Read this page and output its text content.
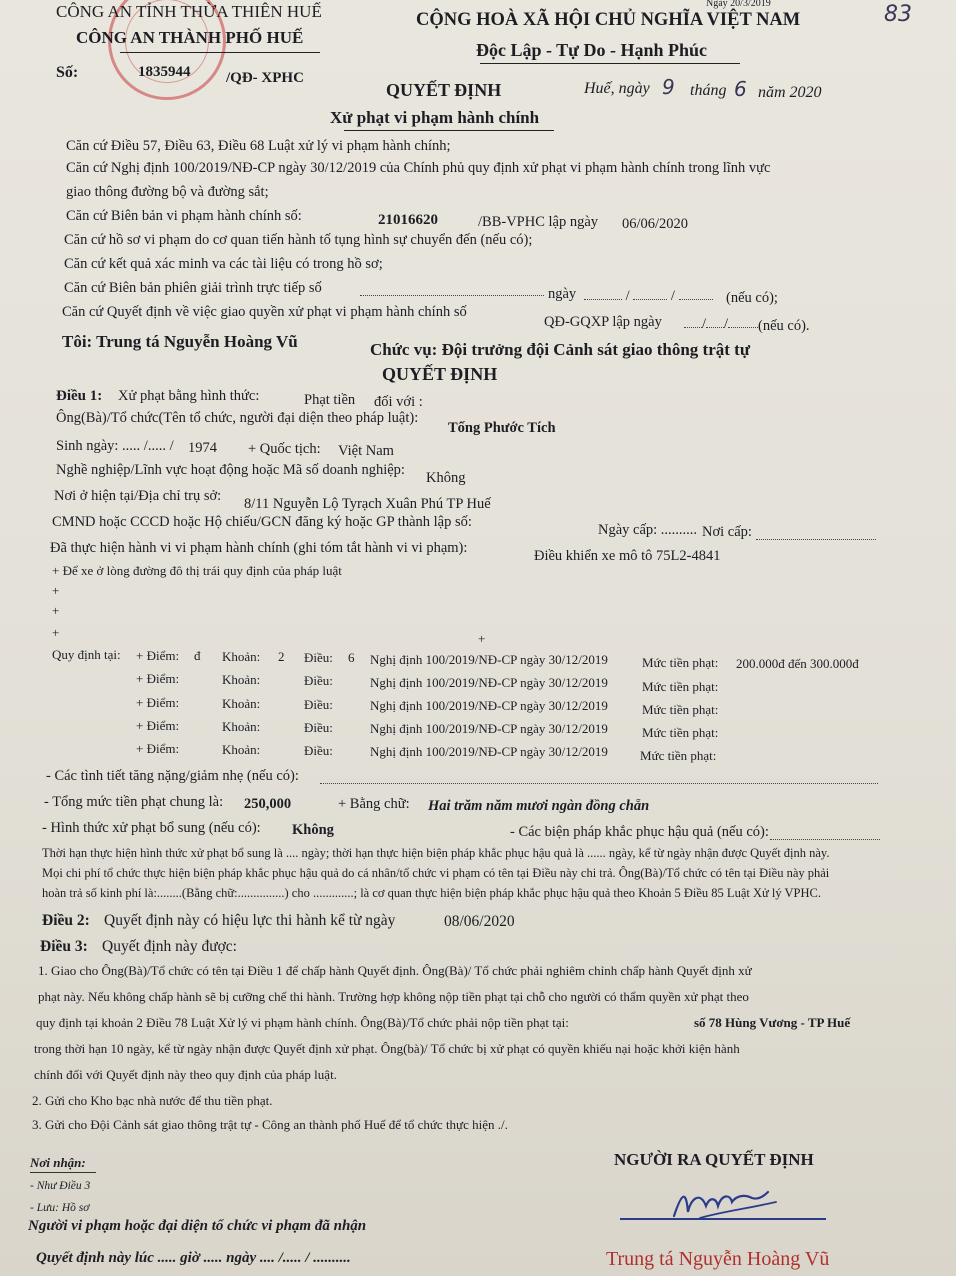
83
Ngày 20/3/2019
CÔNG AN TỈNH THỪA THIÊN HUẾ
CÔNG AN THÀNH PHỐ HUẾ
Số:	1835944 /QĐ- XPHC
CỘNG HOÀ XÃ HỘI CHỦ NGHĨA VIỆT NAM
Độc Lập - Tự Do - Hạnh Phúc
Huế, ngày 9 tháng 6 năm 2020
QUYẾT ĐỊNH
Xử phạt vi phạm hành chính
Căn cứ Điều 57, Điều 63, Điều 68 Luật xử lý vi phạm hành chính;
Căn cứ Nghị định 100/2019/NĐ-CP ngày 30/12/2019 của Chính phủ quy định xử phạt vi phạm hành chính trong lĩnh vực
giao thông đường bộ và đường sắt;
Căn cứ Biên bản vi phạm hành chính số:	21016620	/BB-VPHC lập ngày 06/06/2020
Căn cứ hồ sơ vi phạm do cơ quan tiến hành tố tụng hình sự chuyển đến (nếu có);
Căn cứ kết quả xác minh va các tài liệu có trong hồ sơ;
Căn cứ Biên bản phiên giải trình trực tiếp số	ngày	/  /	(nếu có);
Căn cứ Quyết định về việc giao quyền xử phạt vi phạm hành chính số
QĐ-GQXP lập ngày	/ /	(nếu có).
Tôi: Trung tá Nguyễn Hoàng Vũ	Chức vụ: Đội trưởng đội Cảnh sát giao thông trật tự
QUYẾT ĐỊNH
Điều 1: Xử phạt bằng hình thức:	Phạt tiền đối với :
Ông(Bà)/Tổ chức(Tên tổ chức, người đại diện theo pháp luật):
Tống Phước Tích
Sinh ngày: ..... /..... / 1974 + Quốc tịch: Việt Nam
Nghề nghiệp/Lĩnh vực hoạt động hoặc Mã số doanh nghiệp: Không
Nơi ở hiện tại/Địa chỉ trụ sở: 8/11 Nguyễn Lộ Tyrạch Xuân Phú TP Huế
CMND hoặc CCCD hoặc Hộ chiếu/GCN đăng ký hoặc GP thành lập số:	Ngày cấp: .......... Nơi cấp:
Đã thực hiện hành vi vi phạm hành chính (ghi tóm tắt hành vi vi phạm):	Điều khiển xe mô tô 75L2-4841
+ Để xe ở lòng đường đô thị trái quy định của pháp luật
+
+
+	+
Quy định tại: + Điểm: đ Khoản: 2 Điều: 6 Nghị định 100/2019/NĐ-CP ngày 30/12/2019	Mức tiền phạt: 200.000đ đến 300.000đ
+ Điểm:	Khoản:	Điều:	Nghị định 100/2019/NĐ-CP ngày 30/12/2019	Mức tiền phạt:
+ Điểm:	Khoản:	Điều:	Nghị định 100/2019/NĐ-CP ngày 30/12/2019	Mức tiền phạt:
+ Điểm:	Khoản:	Điều:	Nghị định 100/2019/NĐ-CP ngày 30/12/2019	Mức tiền phạt:
+ Điểm:	Khoản:	Điều:	Nghị định 100/2019/NĐ-CP ngày 30/12/2019 Mức tiền phạt:
- Các tình tiết tăng nặng/giảm nhẹ (nếu có):
- Tổng mức tiền phạt chung là: 250,000	+ Bằng chữ: Hai trăm năm mươi ngàn đồng chẵn
- Hình thức xử phạt bổ sung (nếu có): Không	- Các biện pháp khắc phục hậu quả (nếu có):
Thời hạn thực hiện hình thức xử phạt bổ sung là .... ngày; thời hạn thực hiện biện pháp khắc phục hậu quả là ...... ngày, kể từ ngày nhận được Quyết định này.
Mọi chi phí tổ chức thực hiện biện pháp khắc phục hậu quả do cá nhân/tổ chức vi phạm có tên tại Điều này chi trả. Ông(Bà)/Tổ chức có tên tại Điều này phải
hoàn trả số kinh phí là:........(Bằng chữ:...............) cho .............; là cơ quan thực hiện biện pháp khắc phục hậu quả theo Khoản 5 Điều 85 Luật Xử lý VPHC.
Điều 2: Quyết định này có hiệu lực thi hành kể từ ngày	08/06/2020
Điều 3: Quyết định này được:
1. Giao cho Ông(Bà)/Tổ chức có tên tại Điều 1 để chấp hành Quyết định. Ông(Bà)/ Tổ chức phải nghiêm chỉnh chấp hành Quyết định xử
phạt này. Nếu không chấp hành sẽ bị cưỡng chế thi hành. Trường hợp không nộp tiền phạt tại chỗ cho người có thẩm quyền xử phạt theo
quy định tại khoản 2 Điều 78 Luật Xử lý vi phạm hành chính. Ông(Bà)/Tổ chức phải nộp tiền phạt tại:	số 78 Hùng Vương - TP Huế
trong thời hạn 10 ngày, kể từ ngày nhận được Quyết định xử phạt. Ông(bà)/ Tổ chức bị xử phạt có quyền khiếu nại hoặc khởi kiện hành
chính đối với Quyết định này theo quy định của pháp luật.
2. Gửi cho Kho bạc nhà nước để thu tiền phạt.
3. Gửi cho Đội Cảnh sát giao thông trật tự - Công an thành phố Huế để tổ chức thực hiện ./.
Nơi nhận:
- Như Điều 3
- Lưu: Hồ sơ
Người vi phạm hoặc đại diện tổ chức vi phạm đã nhận
Quyết định này lúc ..... giờ ..... ngày .... /..... / ..........
NGƯỜI RA QUYẾT ĐỊNH
Trung tá Nguyễn Hoàng Vũ
